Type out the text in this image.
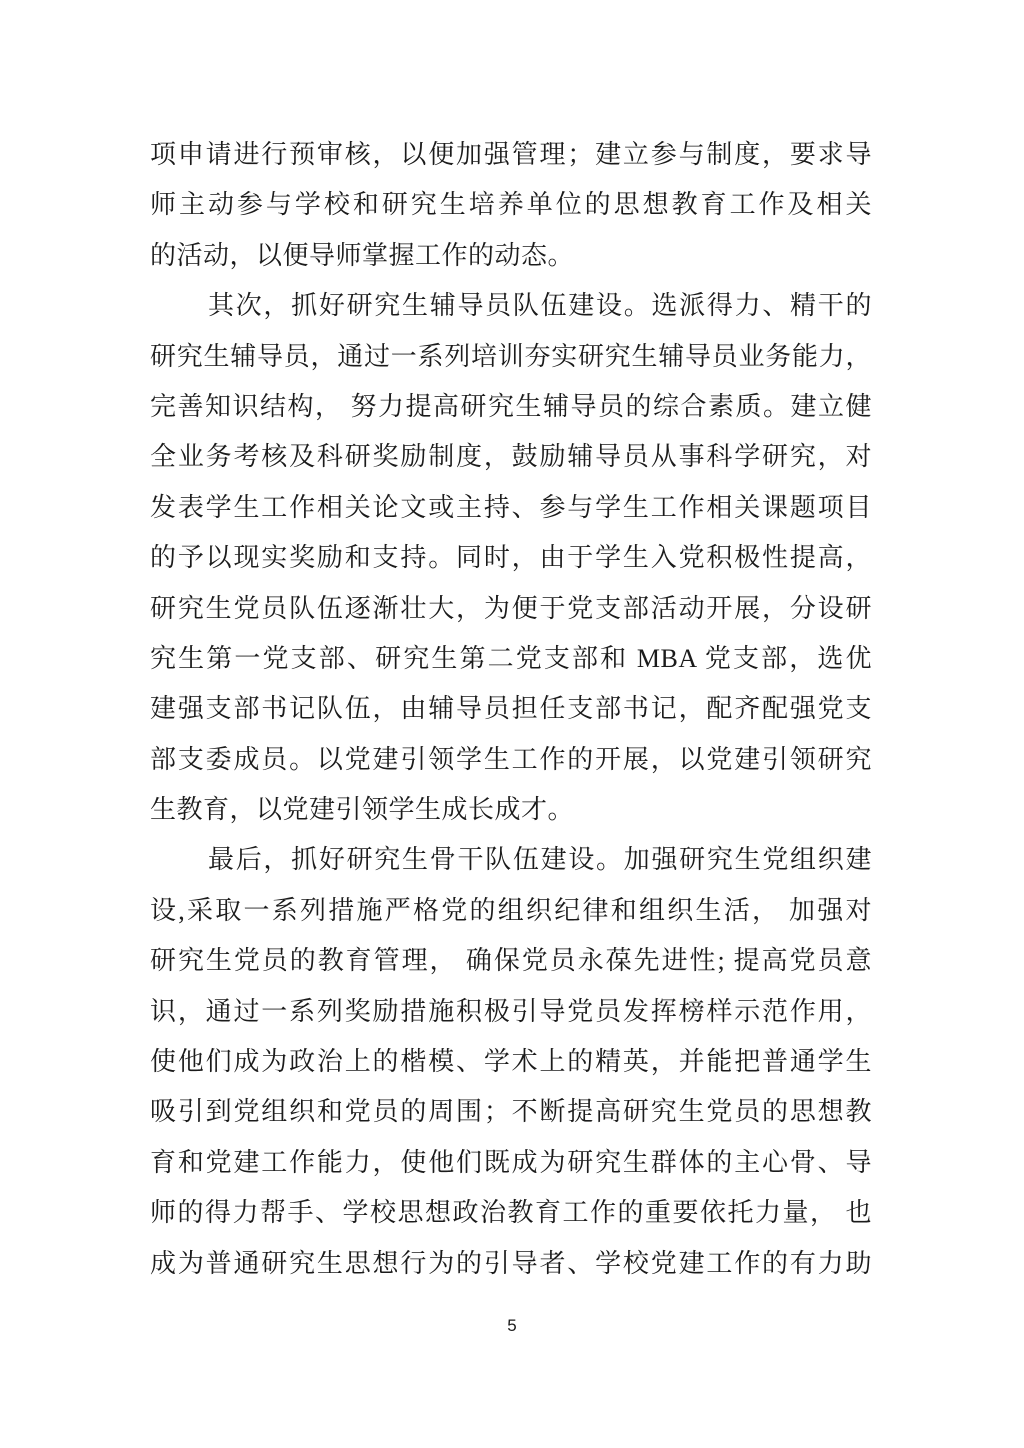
项申请进行预审核，以便加强管理；建立参与制度，要求导
师主动参与学校和研究生培养单位的思想教育工作及相关
的活动，以便导师掌握工作的动态。
其次，抓好研究生辅导员队伍建设。选派得力、精干的
研究生辅导员，通过一系列培训夯实研究生辅导员业务能力，
完善知识结构， 努力提高研究生辅导员的综合素质。建立健
全业务考核及科研奖励制度，鼓励辅导员从事科学研究，对
发表学生工作相关论文或主持、参与学生工作相关课题项目
的予以现实奖励和支持。同时，由于学生入党积极性提高，
研究生党员队伍逐渐壮大，为便于党支部活动开展，分设研
究生第一党支部、研究生第二党支部和 MBA 党支部，选优
建强支部书记队伍，由辅导员担任支部书记，配齐配强党支
部支委成员。以党建引领学生工作的开展，以党建引领研究
生教育，以党建引领学生成长成才。
最后，抓好研究生骨干队伍建设。加强研究生党组织建
设,采取一系列措施严格党的组织纪律和组织生活， 加强对
研究生党员的教育管理， 确保党员永葆先进性; 提高党员意
识，通过一系列奖励措施积极引导党员发挥榜样示范作用，
使他们成为政治上的楷模、学术上的精英，并能把普通学生
吸引到党组织和党员的周围；不断提高研究生党员的思想教
育和党建工作能力，使他们既成为研究生群体的主心骨、导
师的得力帮手、学校思想政治教育工作的重要依托力量， 也
成为普通研究生思想行为的引导者、学校党建工作的有力助
5
